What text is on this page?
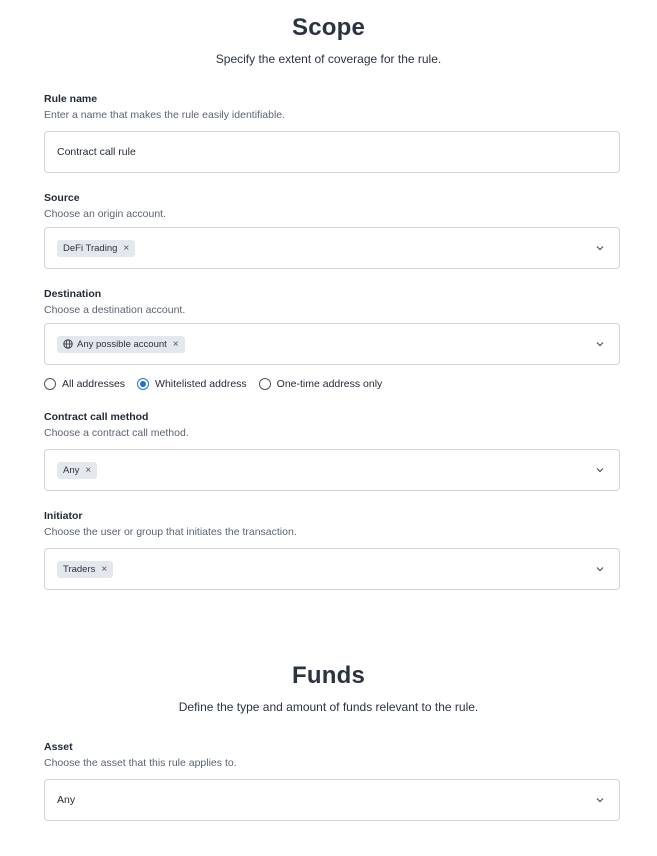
Scope
Specify the extent of coverage for the rule.
Rule name
Enter a name that makes the rule easily identifiable.
Contract call rule
Source
Choose an origin account.
DeFi Trading ×
Destination
Choose a destination account.
Any possible account ×
All addresses	Whitelisted address	One-time address only
Contract call method
Choose a contract call method.
Any ×
Initiator
Choose the user or group that initiates the transaction.
Traders ×
Funds
Define the type and amount of funds relevant to the rule.
Asset
Choose the asset that this rule applies to.
Any
